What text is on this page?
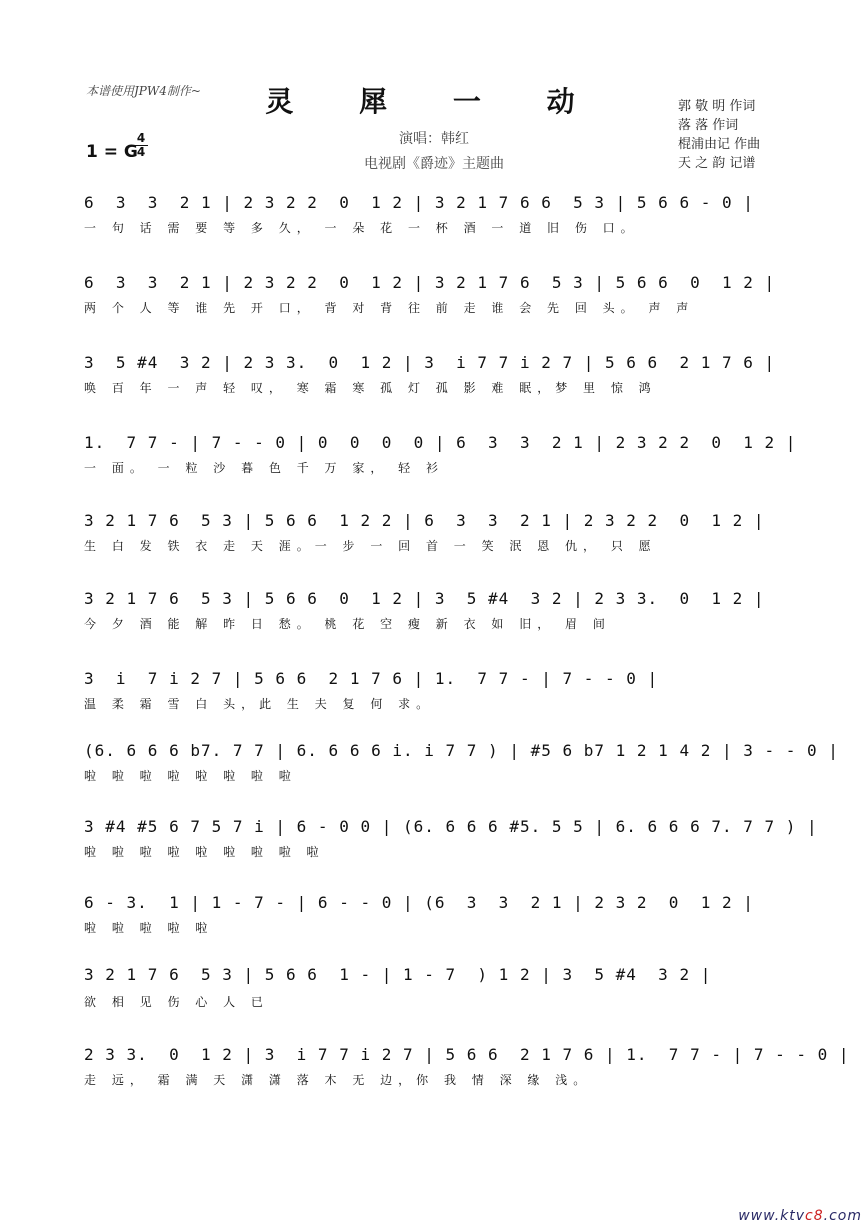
本谱使用JPW4制作~	灵 犀 一 动
演唱：韩红
电视剧《爵迹》主题曲
1 = G
4
4
郭 敬 明 作词
落 落 作词
棍浦由记 作曲
天 之 韵 记谱
6  3  3  2 1 | 2 3 2 2  0  1 2 | 3 2 1 7 6 6  5 3 | 5 6 6 - 0 |
一 句 话 需 要 等 多 久， 一 朵 花 一 杯 酒 一 道 旧 伤 口。
6  3  3  2 1 | 2 3 2 2  0  1 2 | 3 2 1 7 6  5 3 | 5 6 6  0  1 2 |
两 个 人 等 谁 先 开 口， 背 对 背 往 前 走 谁 会 先 回 头。 声 声
3  5 #4  3 2 | 2 3 3.  0  1 2 | 3  i 7 7 i 2 7 | 5 6 6  2 1 7 6 |
唤 百 年 一 声 轻 叹， 寒 霜 寒 孤 灯 孤 影 难 眠，梦 里 惊 鸿
1.  7 7 - | 7 - - 0 | 0  0  0  0 | 6  3  3  2 1 | 2 3 2 2  0  1 2 |
一 面。 一 粒 沙 暮 色 千 万 家， 轻 衫
3 2 1 7 6  5 3 | 5 6 6  1 2 2 | 6  3  3  2 1 | 2 3 2 2  0  1 2 |
生 白 发 铁 衣 走 天 涯。一 步 一 回 首 一 笑 泯 恩 仇， 只 愿
3 2 1 7 6  5 3 | 5 6 6  0  1 2 | 3  5 #4  3 2 | 2 3 3.  0  1 2 |
今 夕 酒 能 解 昨 日 愁。 桃 花 空 瘦 新 衣 如 旧， 眉 间
3  i  7 i 2 7 | 5 6 6  2 1 7 6 | 1.  7 7 - | 7 - - 0 |
温 柔 霜 雪 白 头，此 生 夫 复 何 求。
(6. 6 6 6 b7. 7 7 | 6. 6 6 6 i. i 7 7 ) | #5 6 b7 1 2 1 4 2 | 3 - - 0 |
啦 啦 啦 啦 啦 啦 啦 啦
3 #4 #5 6 7 5 7 i | 6 - 0 0 | (6. 6 6 6 #5. 5 5 | 6. 6 6 6 7. 7 7 ) |
啦 啦 啦 啦 啦 啦 啦 啦 啦
6 - 3.  1 | 1 - 7 - | 6 - - 0 | (6  3  3  2 1 | 2 3 2  0  1 2 |
啦 啦 啦 啦 啦
3 2 1 7 6  5 3 | 5 6 6  1 - | 1 - 7  ) 1 2 | 3  5 #4  3 2 |
欲 相 见 伤 心 人 已
2 3 3.  0  1 2 | 3  i 7 7 i 2 7 | 5 6 6  2 1 7 6 | 1.  7 7 - | 7 - - 0 |
走 远， 霜 满 天 潇 潇 落 木 无 边，你 我 情 深 缘 浅。
www.ktvc8.com
